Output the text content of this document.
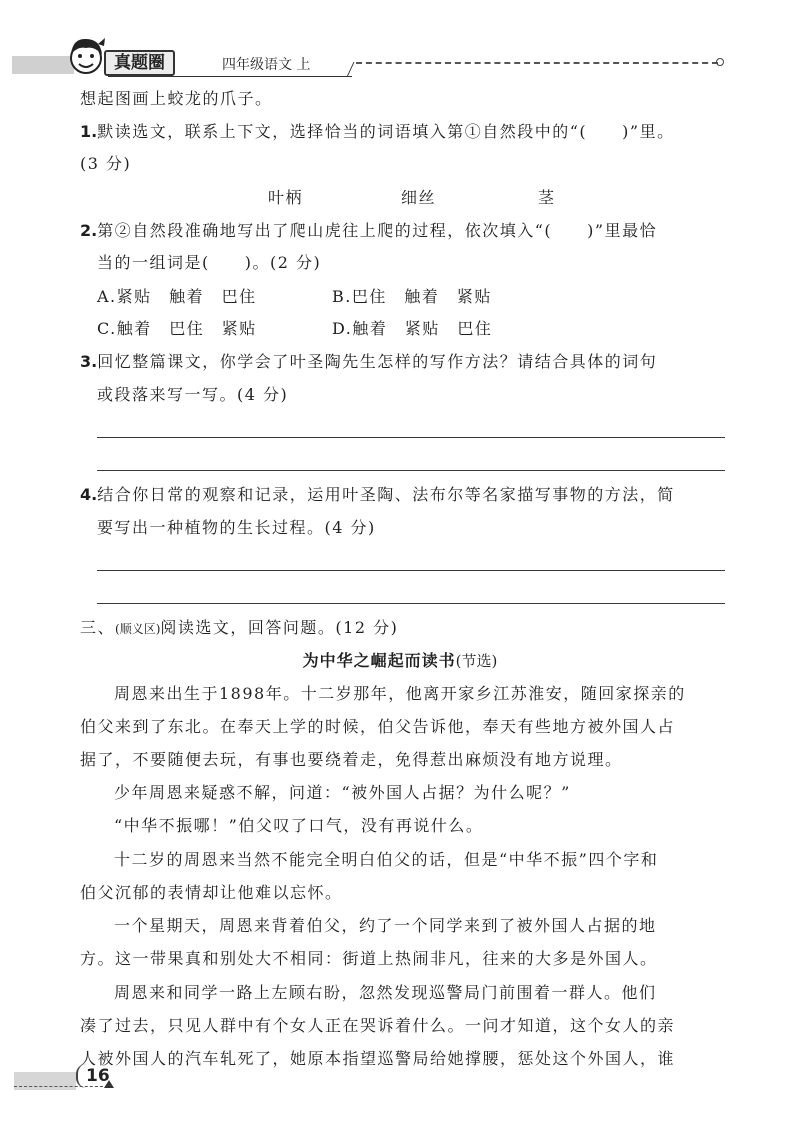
真题圈	四年级语文 上
想起图画上蛟龙的爪子。
1.默读选文，联系上下文，选择恰当的词语填入第①自然段中的“(　　)”里。
(3 分)
叶柄	细丝	茎
2.第②自然段准确地写出了爬山虎往上爬的过程，依次填入“(　　)”里最恰
当的一组词是(　　)。(2 分)
A.紧贴　触着　巴住	B.巴住　触着　紧贴
C.触着　巴住　紧贴	D.触着　紧贴　巴住
3.回忆整篇课文，你学会了叶圣陶先生怎样的写作方法？请结合具体的词句
或段落来写一写。(4 分)
4.结合你日常的观察和记录，运用叶圣陶、法布尔等名家描写事物的方法，简
要写出一种植物的生长过程。(4 分)
三、(顺义区)阅读选文，回答问题。(12 分)
为中华之崛起而读书(节选)
周恩来出生于1898年。十二岁那年，他离开家乡江苏淮安，随回家探亲的
伯父来到了东北。在奉天上学的时候，伯父告诉他，奉天有些地方被外国人占
据了，不要随便去玩，有事也要绕着走，免得惹出麻烦没有地方说理。
少年周恩来疑惑不解，问道：“被外国人占据？为什么呢？”
“中华不振哪！”伯父叹了口气，没有再说什么。
十二岁的周恩来当然不能完全明白伯父的话，但是“中华不振”四个字和
伯父沉郁的表情却让他难以忘怀。
一个星期天，周恩来背着伯父，约了一个同学来到了被外国人占据的地
方。这一带果真和别处大不相同：街道上热闹非凡，往来的大多是外国人。
周恩来和同学一路上左顾右盼，忽然发现巡警局门前围着一群人。他们
凑了过去，只见人群中有个女人正在哭诉着什么。一问才知道，这个女人的亲
人被外国人的汽车轧死了，她原本指望巡警局给她撑腰，惩处这个外国人，谁
16
